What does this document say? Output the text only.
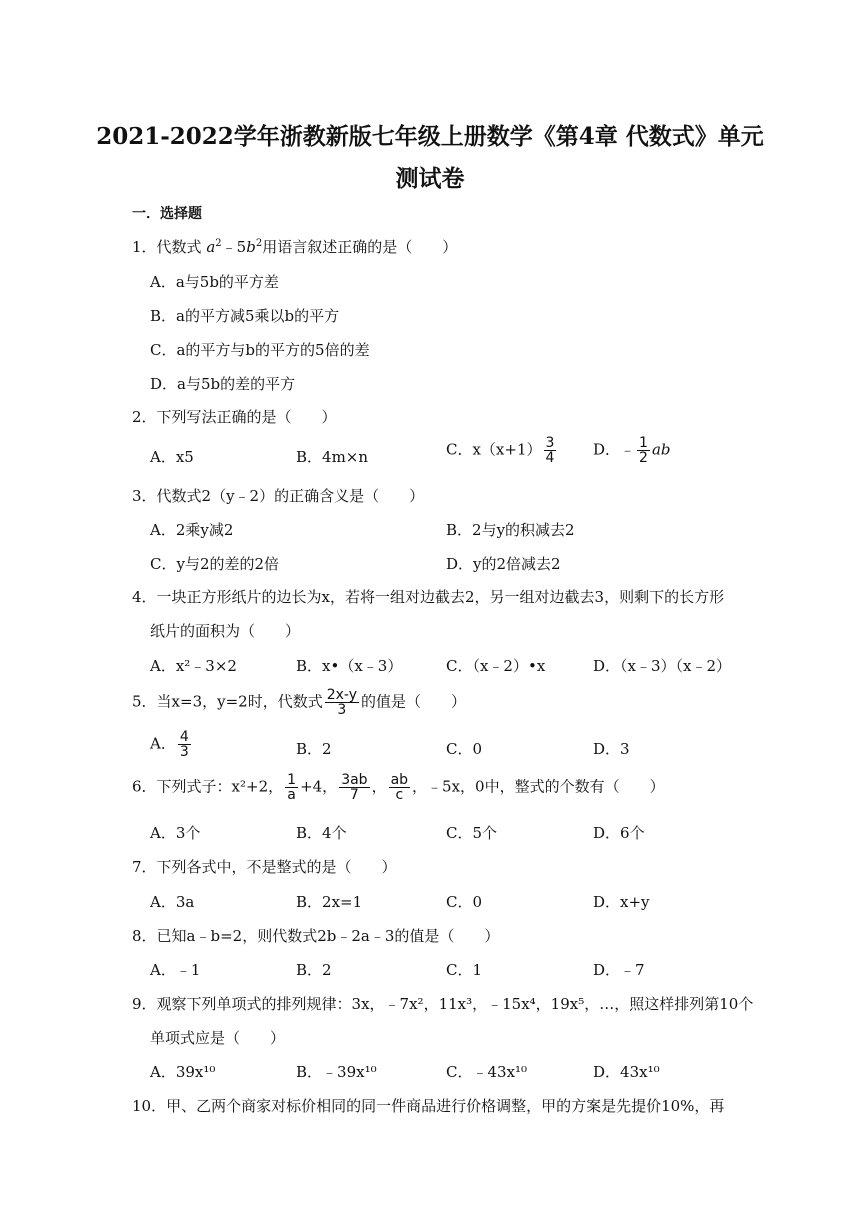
2021-2022学年浙教新版七年级上册数学《第4章 代数式》单元
测试卷
一．选择题
1．代数式 $a^2﹣5b^2$用语言叙述正确的是（　　）
A．a与5b的平方差
B．a的平方减5乘以b的平方
C．a的平方与b的平方的5倍的差
D．a与5b的差的平方
2．下列写法正确的是（　　）
A．x5	B．4m×n	C．$x(x+1) \frac{3}{4}$ D．﹣ $\frac{1}{2}$ ab
3．代数式2（y﹣2）的正确含义是（　　）
A．2乘y减2	B．2与y的积减去2
C．y与2的差的2倍	D．y的2倍减去2
4．一块正方形纸片的边长为x，若将一组对边截去2，另一组对边截去3，则剩下的长方形
纸片的面积为（　　）
A．x²﹣3×2	B．x•（x﹣3）	C．（x﹣2）•x	D．（x﹣3）（x﹣2）
5．当x=3，y=2时，代数式 $\frac{2x-y}{3}$ 的值是（　　）
A． $\frac{4}{3}$	B．2	C．0	D．3
6．下列式子：x²+2， $\frac{1}{a} +4$， $\frac{3ab}{7}$ ， $\frac{ab}{c}$ ，﹣5x，0中，整式的个数有（　　）
A．3个	B．4个	C．5个	D．6个
7．下列各式中，不是整式的是（　　）
A．3a	B．2x=1	C．0	D．x+y
8．已知a﹣b=2，则代数式2b﹣2a﹣3的值是（　　）
A．﹣1	B．2	C．1	D．﹣7
9．观察下列单项式的排列规律：3x，﹣7x²，11x³，﹣15x⁴，19x⁵，…，照这样排列第10个
单项式应是（　　）
A．39x¹⁰	B．﹣39x¹⁰	C．﹣43x¹⁰	D．43x¹⁰
10．甲、乙两个商家对标价相同的同一件商品进行价格调整，甲的方案是先提价10%，再
